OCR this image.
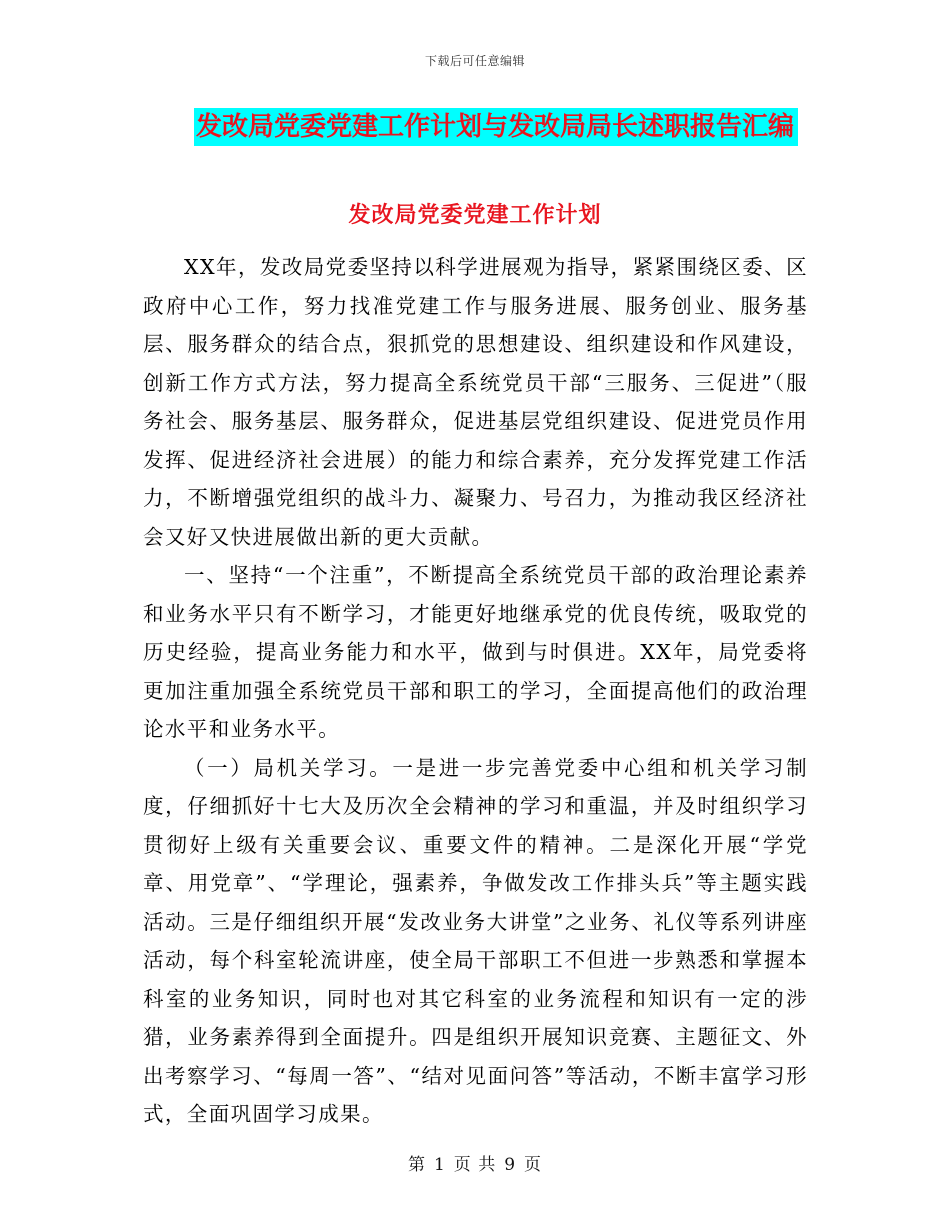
下载后可任意编辑
发改局党委党建工作计划与发改局局长述职报告汇编
发改局党委党建工作计划

XX年，发改局党委坚持以科学进展观为指导，紧紧围绕区委、区政府中心工作，努力找准党建工作与服务进展、服务创业、服务基层、服务群众的结合点，狠抓党的思想建设、组织建设和作风建设，创新工作方式方法，努力提高全系统党员干部“三服务、三促进”（服务社会、服务基层、服务群众，促进基层党组织建设、促进党员作用发挥、促进经济社会进展）的能力和综合素养，充分发挥党建工作活力，不断增强党组织的战斗力、凝聚力、号召力，为推动我区经济社会又好又快进展做出新的更大贡献。

一、坚持“一个注重”，不断提高全系统党员干部的政治理论素养和业务水平只有不断学习，才能更好地继承党的优良传统，吸取党的历史经验，提高业务能力和水平，做到与时俱进。XX年，局党委将更加注重加强全系统党员干部和职工的学习，全面提高他们的政治理论水平和业务水平。

（一）局机关学习。一是进一步完善党委中心组和机关学习制度，仔细抓好十七大及历次全会精神的学习和重温，并及时组织学习贯彻好上级有关重要会议、重要文件的精神。二是深化开展“学党章、用党章”、“学理论，强素养，争做发改工作排头兵”等主题实践活动。三是仔细组织开展“发改业务大讲堂”之业务、礼仪等系列讲座活动，每个科室轮流讲座，使全局干部职工不但进一步熟悉和掌握本科室的业务知识，同时也对其它科室的业务流程和知识有一定的涉猎，业务素养得到全面提升。四是组织开展知识竞赛、主题征文、外出考察学习、“每周一答”、“结对见面问答”等活动，不断丰富学习形式，全面巩固学习成果。

第 1 页 共 9 页
